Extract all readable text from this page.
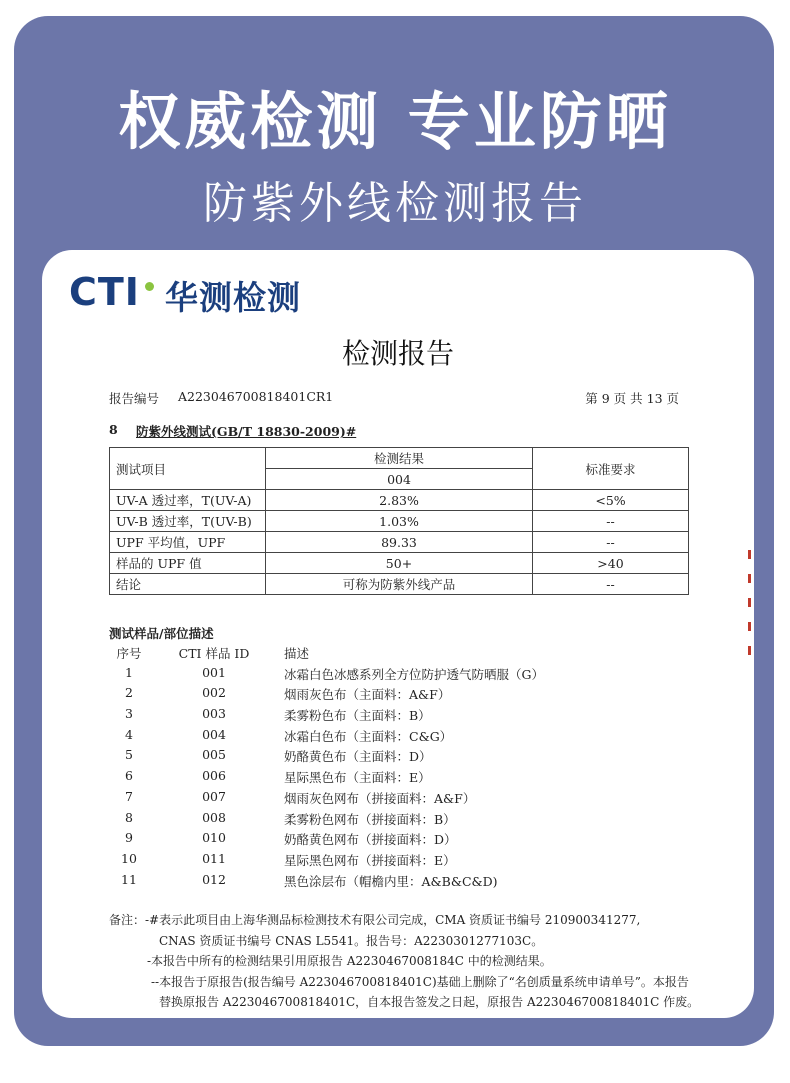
权威检测 专业防晒
防紫外线检测报告
CTI 华测检测
检测报告
报告编号 A223046700818401CR1	第 9 页 共 13 页
8 防紫外线测试(GB/T 18830-2009)#
测试项目	检测结果	标准要求
	004	
UV-A 透过率，T(UV-A)	2.83%	<5%
UV-B 透过率，T(UV-B)	1.03%	--
UPF 平均值，UPF	89.33	--
样品的 UPF 值	50+	>40
结论	可称为防紫外线产品	--
测试样品/部位描述
序号	CTI 样品 ID	描述
1	001	冰霜白色冰感系列全方位防护透气防晒服（G）
2	002	烟雨灰色布（主面料：A&F）
3	003	柔雾粉色布（主面料：B）
4	004	冰霜白色布（主面料：C&G）
5	005	奶酪黄色布（主面料：D）
6	006	星际黑色布（主面料：E）
7	007	烟雨灰色网布（拼接面料：A&F）
8	008	柔雾粉色网布（拼接面料：B）
9	010	奶酪黄色网布（拼接面料：D）
10	011	星际黑色网布（拼接面料：E）
11	012	黑色涂层布（帽檐内里：A&B&C&D)
备注：-#表示此项目由上海华测品标检测技术有限公司完成，CMA 资质证书编号 210900341277,
CNAS 资质证书编号 CNAS L5541。报告号：A2230301277103C。
-本报告中所有的检测结果引用原报告 A2230467008184C 中的检测结果。
--本报告于原报告(报告编号 A223046700818401C)基础上删除了“名创质量系统申请单号”。本报告
替换原报告 A223046700818401C，自本报告签发之日起，原报告 A223046700818401C 作废。
